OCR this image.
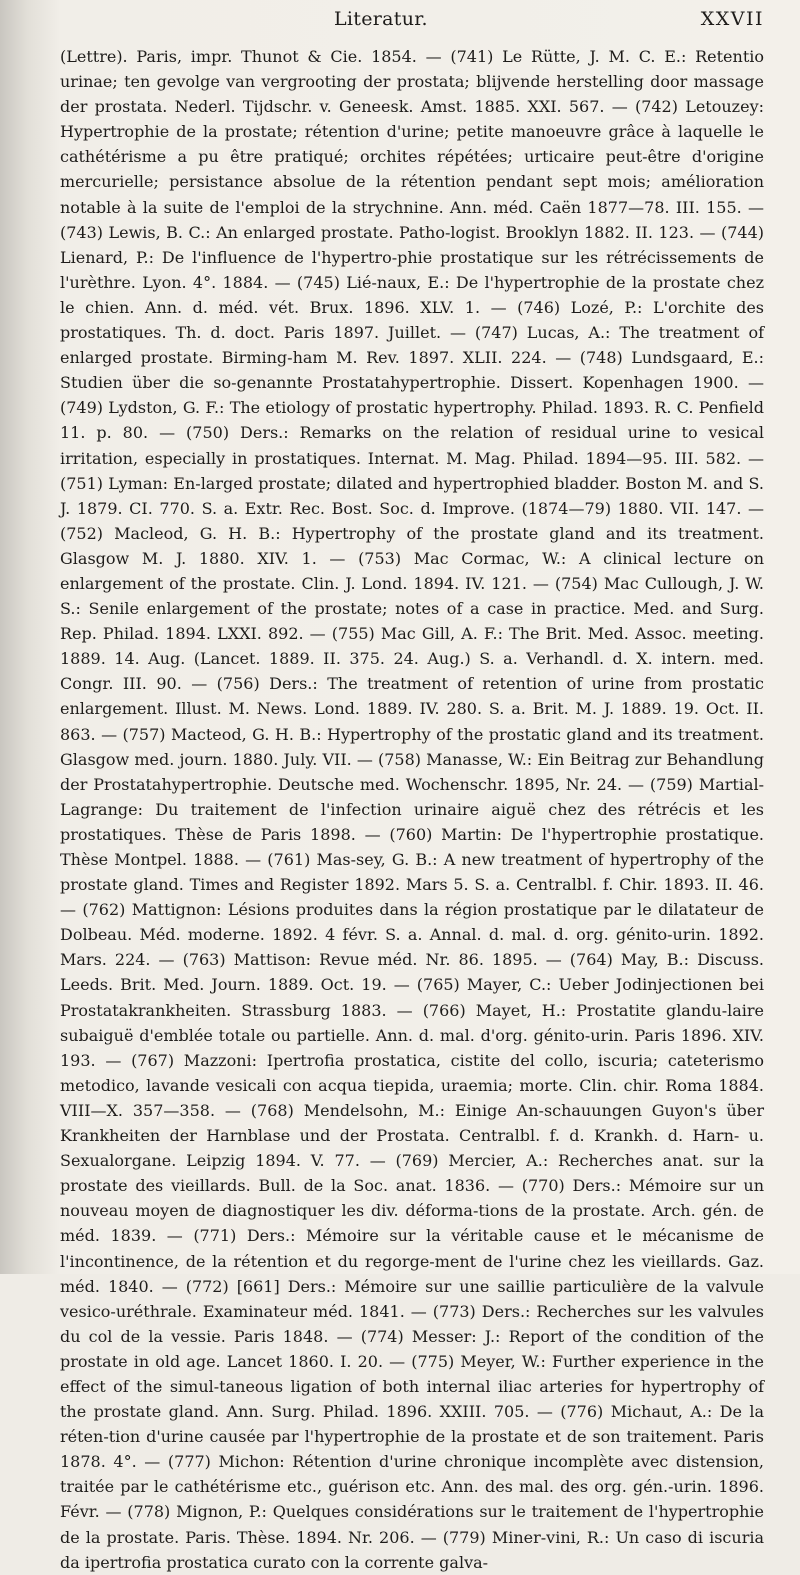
Literatur.	XXVII
(Lettre). Paris, impr. Thunot & Cie. 1854. — (741) Le Rütte, J. M. C. E.: Retentio urinae; ten gevolge van vergrooting der prostata; blijvende herstelling door massage der prostata. Nederl. Tijdschr. v. Geneesk. Amst. 1885. XXI. 567. — (742) Letouzey: Hypertrophie de la prostate; rétention d'urine; petite manoeuvre grâce à laquelle le cathétérisme a pu être pratiqué; orchites répétées; urticaire peut-être d'origine mercurielle; persistance absolue de la rétention pendant sept mois; amélioration notable à la suite de l'emploi de la strychnine. Ann. méd. Caën 1877—78. III. 155. — (743) Lewis, B. C.: An enlarged prostate. Patho-logist. Brooklyn 1882. II. 123. — (744) Lienard, P.: De l'influence de l'hypertro-phie prostatique sur les rétrécissements de l'urèthre. Lyon. 4°. 1884. — (745) Lié-naux, E.: De l'hypertrophie de la prostate chez le chien. Ann. d. méd. vét. Brux. 1896. XLV. 1. — (746) Lozé, P.: L'orchite des prostatiques. Th. d. doct. Paris 1897. Juillet. — (747) Lucas, A.: The treatment of enlarged prostate. Birming-ham M. Rev. 1897. XLII. 224. — (748) Lundsgaard, E.: Studien über die so-genannte Prostatahypertrophie. Dissert. Kopenhagen 1900. — (749) Lydston, G. F.: The etiology of prostatic hypertrophy. Philad. 1893. R. C. Penfield 11. p. 80. — (750) Ders.: Remarks on the relation of residual urine to vesical irritation, especially in prostatiques. Internat. M. Mag. Philad. 1894—95. III. 582. — (751) Lyman: En-larged prostate; dilated and hypertrophied bladder. Boston M. and S. J. 1879. CI. 770. S. a. Extr. Rec. Bost. Soc. d. Improve. (1874—79) 1880. VII. 147. — (752) Macleod, G. H. B.: Hypertrophy of the prostate gland and its treatment. Glasgow M. J. 1880. XIV. 1. — (753) Mac Cormac, W.: A clinical lecture on enlargement of the prostate. Clin. J. Lond. 1894. IV. 121. — (754) Mac Cullough, J. W. S.: Senile enlargement of the prostate; notes of a case in practice. Med. and Surg. Rep. Philad. 1894. LXXI. 892. — (755) Mac Gill, A. F.: The Brit. Med. Assoc. meeting. 1889. 14. Aug. (Lancet. 1889. II. 375. 24. Aug.) S. a. Verhandl. d. X. intern. med. Congr. III. 90. — (756) Ders.: The treatment of retention of urine from prostatic enlargement. Illust. M. News. Lond. 1889. IV. 280. S. a. Brit. M. J. 1889. 19. Oct. II. 863. — (757) Macteod, G. H. B.: Hypertrophy of the prostatic gland and its treatment. Glasgow med. journ. 1880. July. VII. — (758) Manasse, W.: Ein Beitrag zur Behandlung der Prostatahypertrophie. Deutsche med. Wochenschr. 1895, Nr. 24. — (759) Martial-Lagrange: Du traitement de l'infection urinaire aiguë chez des rétrécis et les prostatiques. Thèse de Paris 1898. — (760) Martin: De l'hypertrophie prostatique. Thèse Montpel. 1888. — (761) Mas-sey, G. B.: A new treatment of hypertrophy of the prostate gland. Times and Register 1892. Mars 5. S. a. Centralbl. f. Chir. 1893. II. 46. — (762) Mattignon: Lésions produites dans la région prostatique par le dilatateur de Dolbeau. Méd. moderne. 1892. 4 févr. S. a. Annal. d. mal. d. org. génito-urin. 1892. Mars. 224. — (763) Mattison: Revue méd. Nr. 86. 1895. — (764) May, B.: Discuss. Leeds. Brit. Med. Journ. 1889. Oct. 19. — (765) Mayer, C.: Ueber Jodinjectionen bei Prostatakrankheiten. Strassburg 1883. — (766) Mayet, H.: Prostatite glandu-laire subaiguë d'emblée totale ou partielle. Ann. d. mal. d'org. génito-urin. Paris 1896. XIV. 193. — (767) Mazzoni: Ipertrofia prostatica, cistite del collo, iscuria; cateterismo metodico, lavande vesicali con acqua tiepida, uraemia; morte. Clin. chir. Roma 1884. VIII—X. 357—358. — (768) Mendelsohn, M.: Einige An-schauungen Guyon's über Krankheiten der Harnblase und der Prostata. Centralbl. f. d. Krankh. d. Harn- u. Sexualorgane. Leipzig 1894. V. 77. — (769) Mercier, A.: Recherches anat. sur la prostate des vieillards. Bull. de la Soc. anat. 1836. — (770) Ders.: Mémoire sur un nouveau moyen de diagnostiquer les div. déforma-tions de la prostate. Arch. gén. de méd. 1839. — (771) Ders.: Mémoire sur la véritable cause et le mécanisme de l'incontinence, de la rétention et du regorge-ment de l'urine chez les vieillards. Gaz. méd. 1840. — (772) [661] Ders.: Mémoire sur une saillie particulière de la valvule vesico-uréthrale. Examinateur méd. 1841. — (773) Ders.: Recherches sur les valvules du col de la vessie. Paris 1848. — (774) Messer: J.: Report of the condition of the prostate in old age. Lancet 1860. I. 20. — (775) Meyer, W.: Further experience in the effect of the simul-taneous ligation of both internal iliac arteries for hypertrophy of the prostate gland. Ann. Surg. Philad. 1896. XXIII. 705. — (776) Michaut, A.: De la réten-tion d'urine causée par l'hypertrophie de la prostate et de son traitement. Paris 1878. 4°. — (777) Michon: Rétention d'urine chronique incomplète avec distension, traitée par le cathétérisme etc., guérison etc. Ann. des mal. des org. gén.-urin. 1896. Févr. — (778) Mignon, P.: Quelques considérations sur le traitement de l'hypertrophie de la prostate. Paris. Thèse. 1894. Nr. 206. — (779) Miner-vini, R.: Un caso di iscuria da ipertrofia prostatica curato con la corrente galva-
